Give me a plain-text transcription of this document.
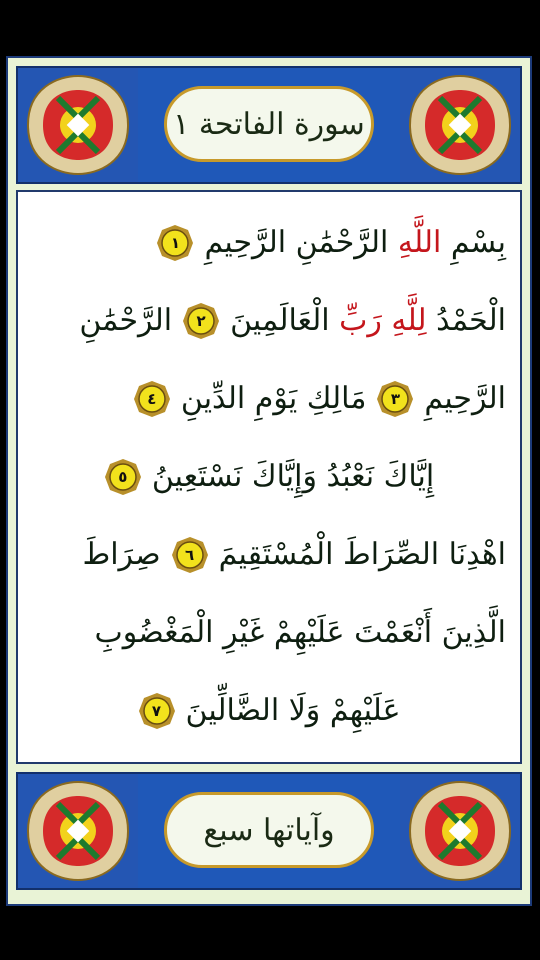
سورة الفاتحة ١
بِسْمِ اللَّهِ الرَّحْمَٰنِ الرَّحِيمِ
١
الْحَمْدُ لِلَّهِ رَبِّ الْعَالَمِينَ
٢
الرَّحْمَٰنِ
الرَّحِيمِ
٣
مَالِكِ يَوْمِ الدِّينِ
٤
إِيَّاكَ نَعْبُدُ وَإِيَّاكَ نَسْتَعِينُ
٥
اهْدِنَا الصِّرَاطَ الْمُسْتَقِيمَ
٦
صِرَاطَ
الَّذِينَ أَنْعَمْتَ عَلَيْهِمْ غَيْرِ الْمَغْضُوبِ
عَلَيْهِمْ وَلَا الضَّالِّينَ
٧
وآياتها سبع
